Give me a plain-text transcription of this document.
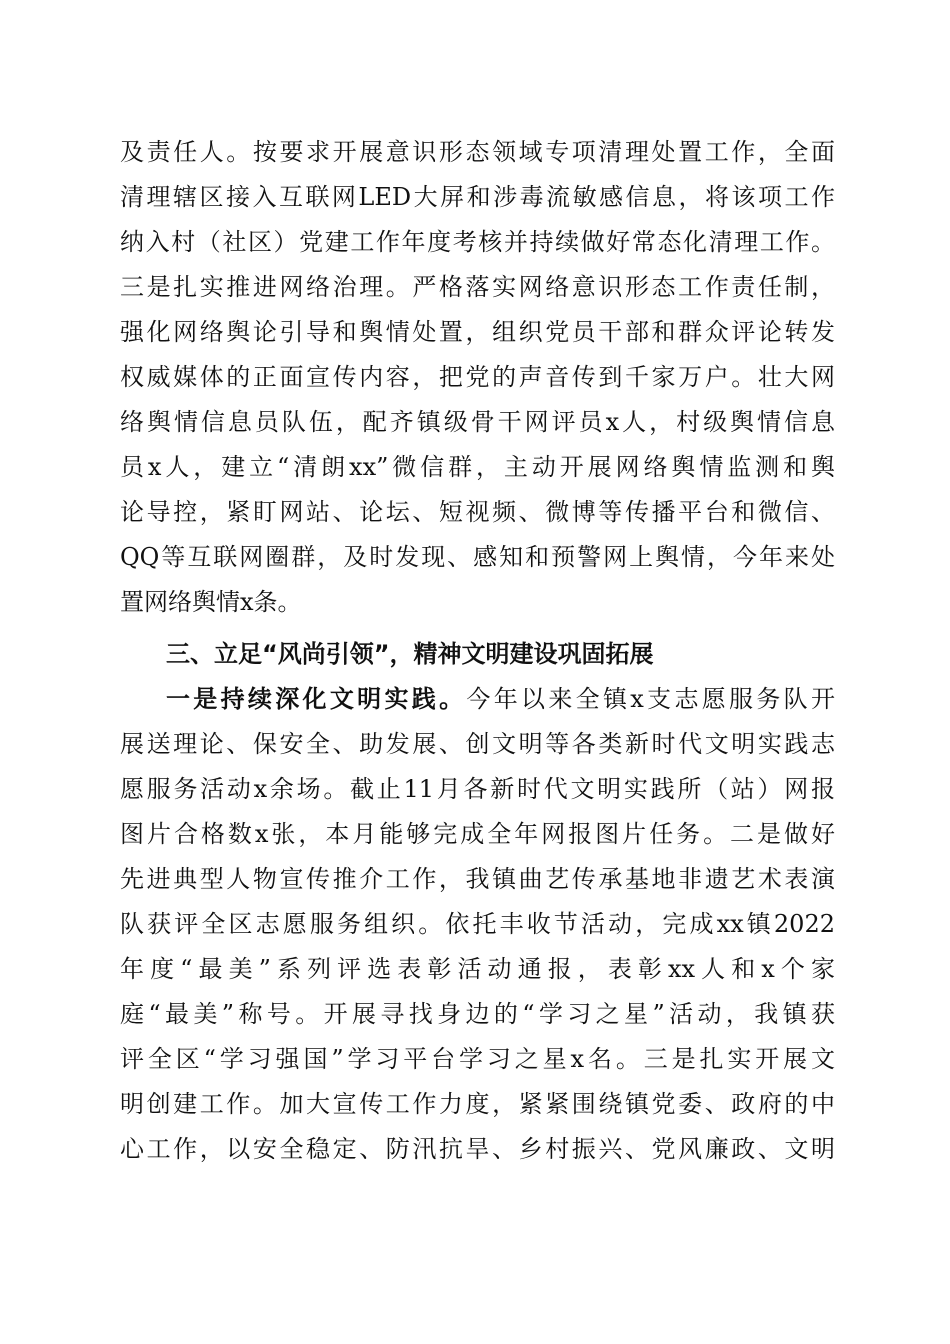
及责任人。按要求开展意识形态领域专项清理处置工作，全面
清理辖区接入互联网LED大屏和涉毒流敏感信息，将该项工作
纳入村（社区）党建工作年度考核并持续做好常态化清理工作。
三是扎实推进网络治理。严格落实网络意识形态工作责任制，
强化网络舆论引导和舆情处置，组织党员干部和群众评论转发
权威媒体的正面宣传内容，把党的声音传到千家万户。壮大网
络舆情信息员队伍，配齐镇级骨干网评员x人，村级舆情信息
员x人，建立“清朗xx”微信群，主动开展网络舆情监测和舆
论导控，紧盯网站、论坛、短视频、微博等传播平台和微信、
QQ等互联网圈群，及时发现、感知和预警网上舆情，今年来处
置网络舆情x条。
三、立足“风尚引领”，精神文明建设巩固拓展
一是持续深化文明实践。今年以来全镇x支志愿服务队开
展送理论、保安全、助发展、创文明等各类新时代文明实践志
愿服务活动x余场。截止11月各新时代文明实践所（站）网报
图片合格数x张，本月能够完成全年网报图片任务。二是做好
先进典型人物宣传推介工作，我镇曲艺传承基地非遗艺术表演
队获评全区志愿服务组织。依托丰收节活动，完成xx镇2022
年度“最美”系列评选表彰活动通报，表彰xx人和x个家
庭“最美”称号。开展寻找身边的“学习之星”活动，我镇获
评全区“学习强国”学习平台学习之星x名。三是扎实开展文
明创建工作。加大宣传工作力度，紧紧围绕镇党委、政府的中
心工作，以安全稳定、防汛抗旱、乡村振兴、党风廉政、文明
